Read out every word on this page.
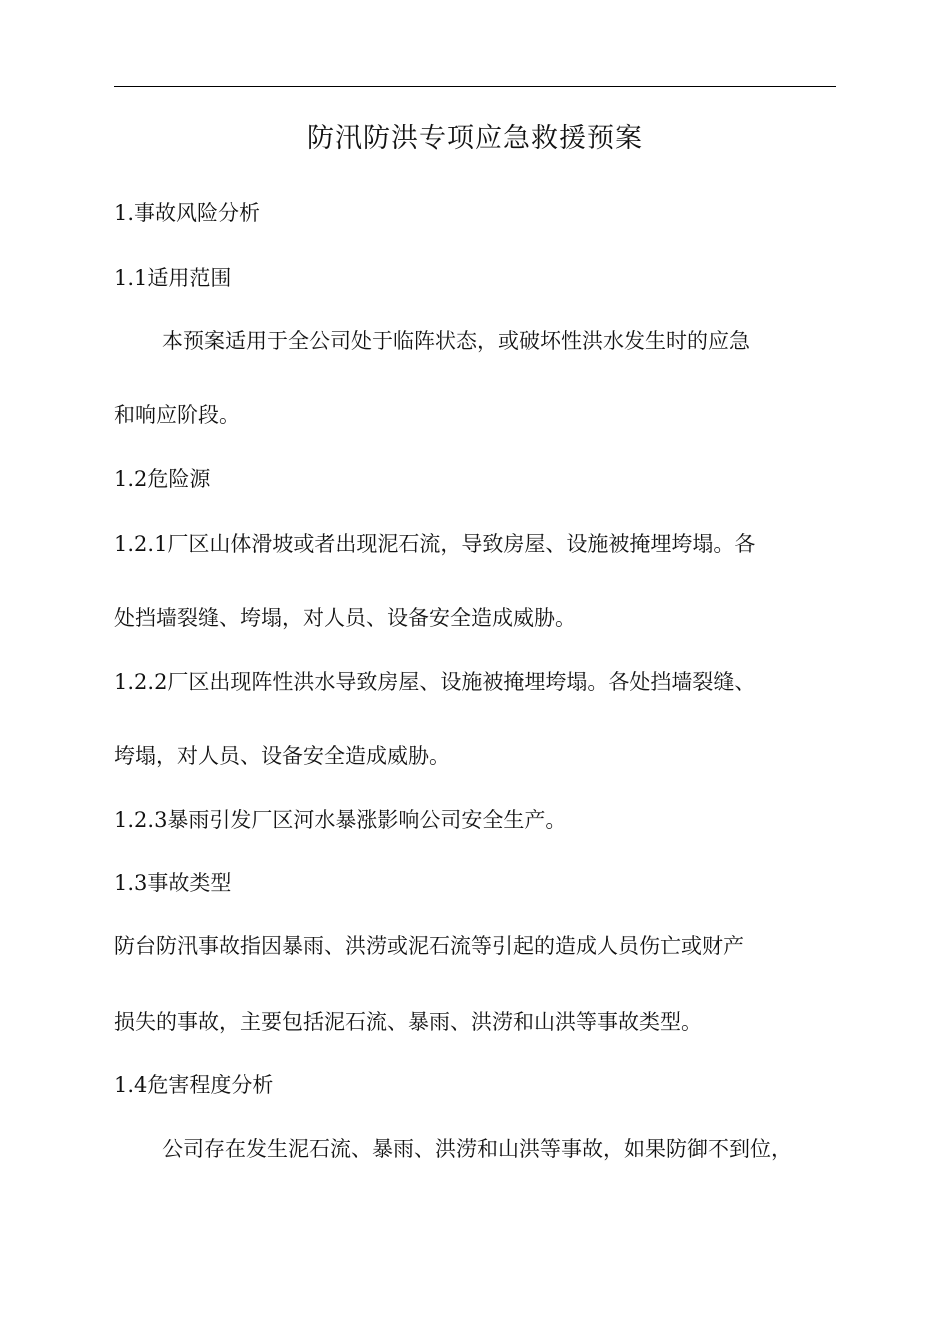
防汛防洪专项应急救援预案

1.事故风险分析

1.1适用范围

本预案适用于全公司处于临阵状态，或破坏性洪水发生时的应急

和响应阶段。

1.2危险源

1.2.1厂区山体滑坡或者出现泥石流，导致房屋、设施被掩埋垮塌。各

处挡墙裂缝、垮塌，对人员、设备安全造成威胁。

1.2.2厂区出现阵性洪水导致房屋、设施被掩埋垮塌。各处挡墙裂缝、

垮塌，对人员、设备安全造成威胁。

1.2.3暴雨引发厂区河水暴涨影响公司安全生产。

1.3事故类型

防台防汛事故指因暴雨、洪涝或泥石流等引起的造成人员伤亡或财产

损失的事故，主要包括泥石流、暴雨、洪涝和山洪等事故类型。

1.4危害程度分析

公司存在发生泥石流、暴雨、洪涝和山洪等事故，如果防御不到位，
